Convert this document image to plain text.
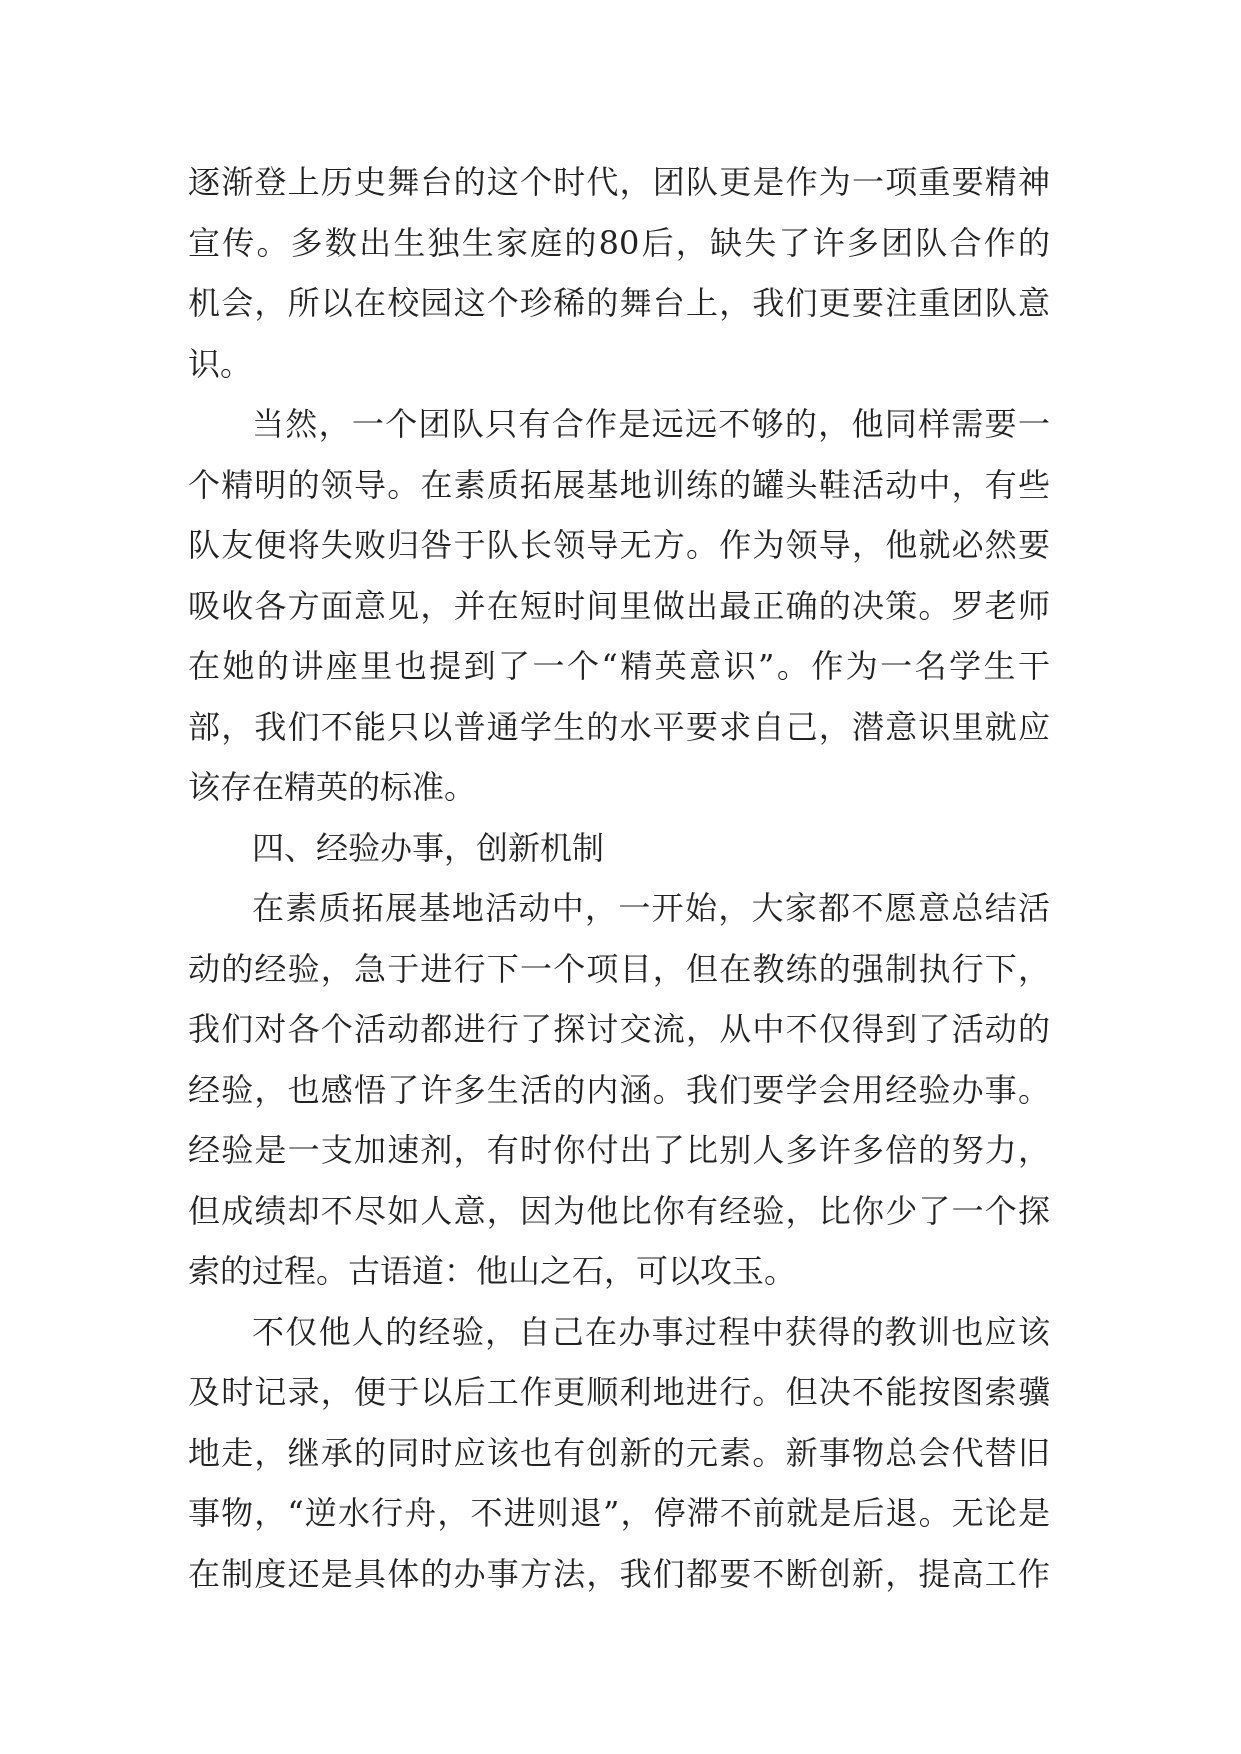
逐渐登上历史舞台的这个时代，团队更是作为一项重要精神
宣传。多数出生独生家庭的80后，缺失了许多团队合作的
机会，所以在校园这个珍稀的舞台上，我们更要注重团队意
识。
当然，一个团队只有合作是远远不够的，他同样需要一
个精明的领导。在素质拓展基地训练的罐头鞋活动中，有些
队友便将失败归咎于队长领导无方。作为领导，他就必然要
吸收各方面意见，并在短时间里做出最正确的决策。罗老师
在她的讲座里也提到了一个“精英意识”。作为一名学生干
部，我们不能只以普通学生的水平要求自己，潜意识里就应
该存在精英的标准。
四、经验办事，创新机制
在素质拓展基地活动中，一开始，大家都不愿意总结活
动的经验，急于进行下一个项目，但在教练的强制执行下，
我们对各个活动都进行了探讨交流，从中不仅得到了活动的
经验，也感悟了许多生活的内涵。我们要学会用经验办事。
经验是一支加速剂，有时你付出了比别人多许多倍的努力，
但成绩却不尽如人意，因为他比你有经验，比你少了一个探
索的过程。古语道：他山之石，可以攻玉。
不仅他人的经验，自己在办事过程中获得的教训也应该
及时记录，便于以后工作更顺利地进行。但决不能按图索骥
地走，继承的同时应该也有创新的元素。新事物总会代替旧
事物，“逆水行舟，不进则退”，停滞不前就是后退。无论是
在制度还是具体的办事方法，我们都要不断创新，提高工作
